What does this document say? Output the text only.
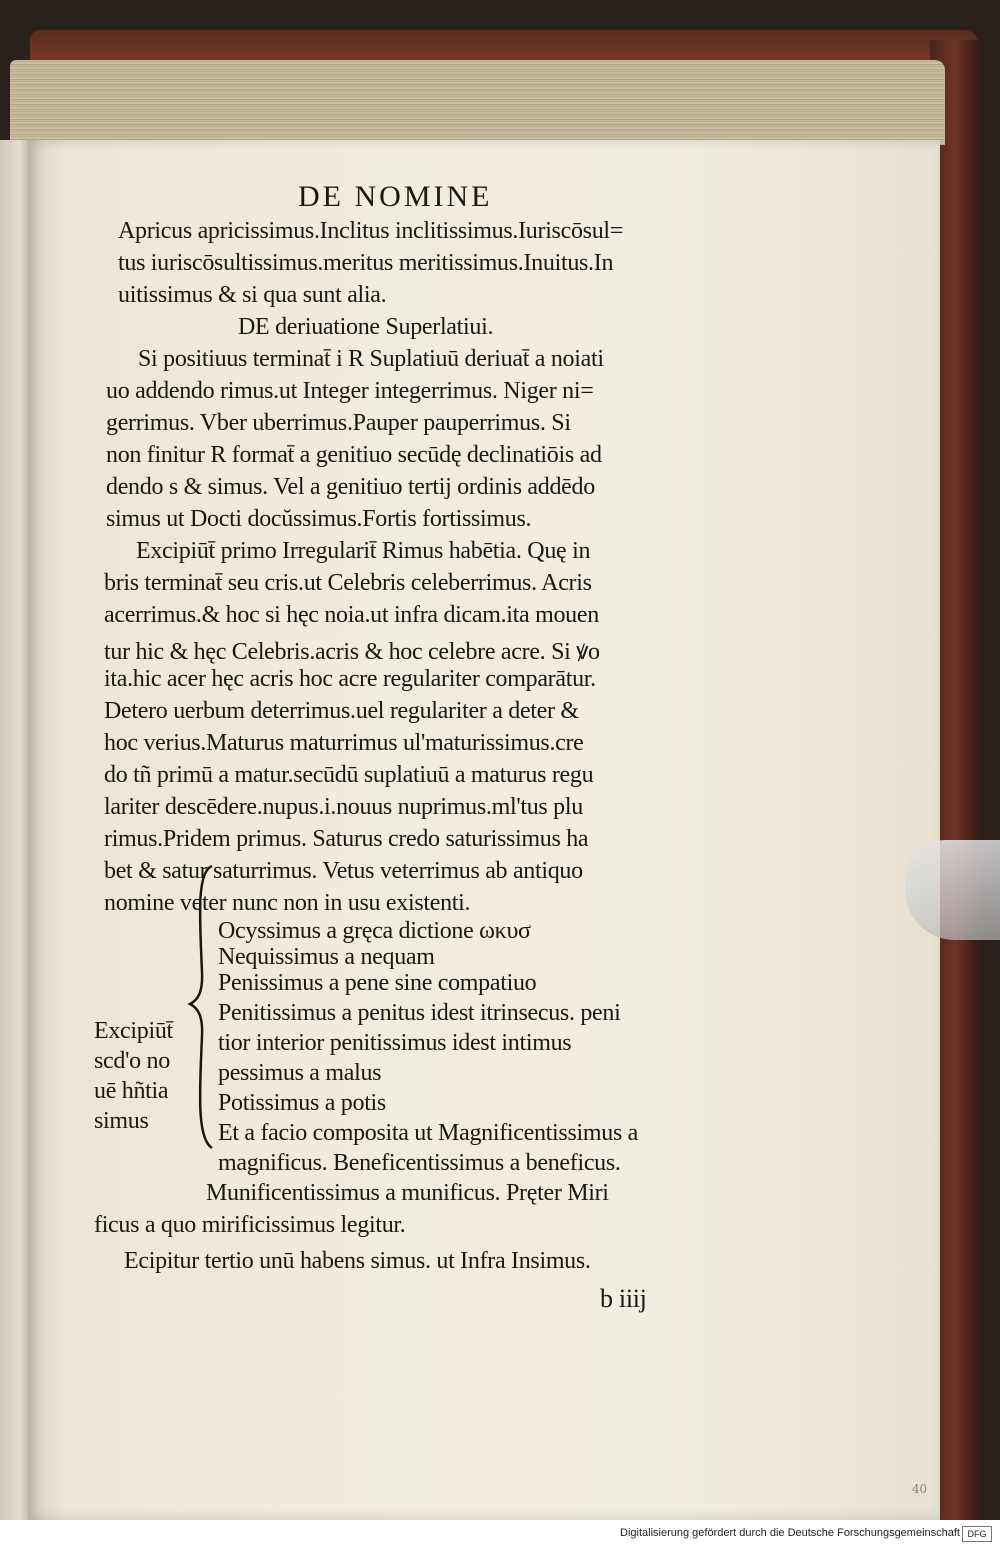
DE NOMINE
Apricus apricissimus.Inclitus inclitissimus.Iuriscōsul=
tus iuriscōsultissimus.meritus meritissimus.Inuitus.In
uitissimus & si qua sunt alia.
DE deriuatione Superlatiui.
Si positiuus terminat̄ i R Suplatiuū deriuat̄ a noiati
uo addendo rimus.ut Integer integerrimus. Niger ni=
gerrimus. Vber uberrimus.Pauper pauperrimus. Si
non finitur R format̄ a genitiuo secūdę declinatiōis ad
dendo s & simus. Vel a genitiuo tertij ordinis addēdo
simus ut Docti docŭssimus.Fortis fortissimus.
Excipiūt̄ primo Irregularit̄ Rimus habētia. Quę in
bris terminat̄ seu cris.ut Celebris celeberrimus. Acris
acerrimus.& hoc si hęc noia.ut infra dicam.ita mouen
tur hic & hęc Celebris.acris & hoc celebre acre. Si ꝟo
ita.hic acer hęc acris hoc acre regulariter comparātur.
Detero uerbum deterrimus.uel regulariter a deter &
hoc verius.Maturus maturrimus ul'maturissimus.cre
do tñ primū a matur.secūdū suplatiuū a maturus regu
lariter descēdere.nupus.i.nouus nuprimus.ml'tus plu
rimus.Pridem primus. Saturus credo saturissimus ha
bet & satur saturrimus. Vetus veterrimus ab antiquo
nomine veter nunc non in usu existenti.
Ocyssimus a gręca dictione ωκυσ
Nequissimus a nequam
Penissimus a pene sine compatiuo
Penitissimus a penitus idest itrinsecus. peni
tior interior penitissimus idest intimus
pessimus a malus
Potissimus a potis
Et a facio composita ut Magnificentissimus a
magnificus. Beneficentissimus a beneficus.
Munificentissimus a munificus. Pręter Miri
Excipiūt̄
scd'o no
uē hñtia
simus
ficus a quo mirificissimus legitur.
Ecipitur tertio unū habens simus. ut Infra Insimus.
b iiij
40
Digitalisierung gefördert durch die Deutsche Forschungsgemeinschaft DFG
